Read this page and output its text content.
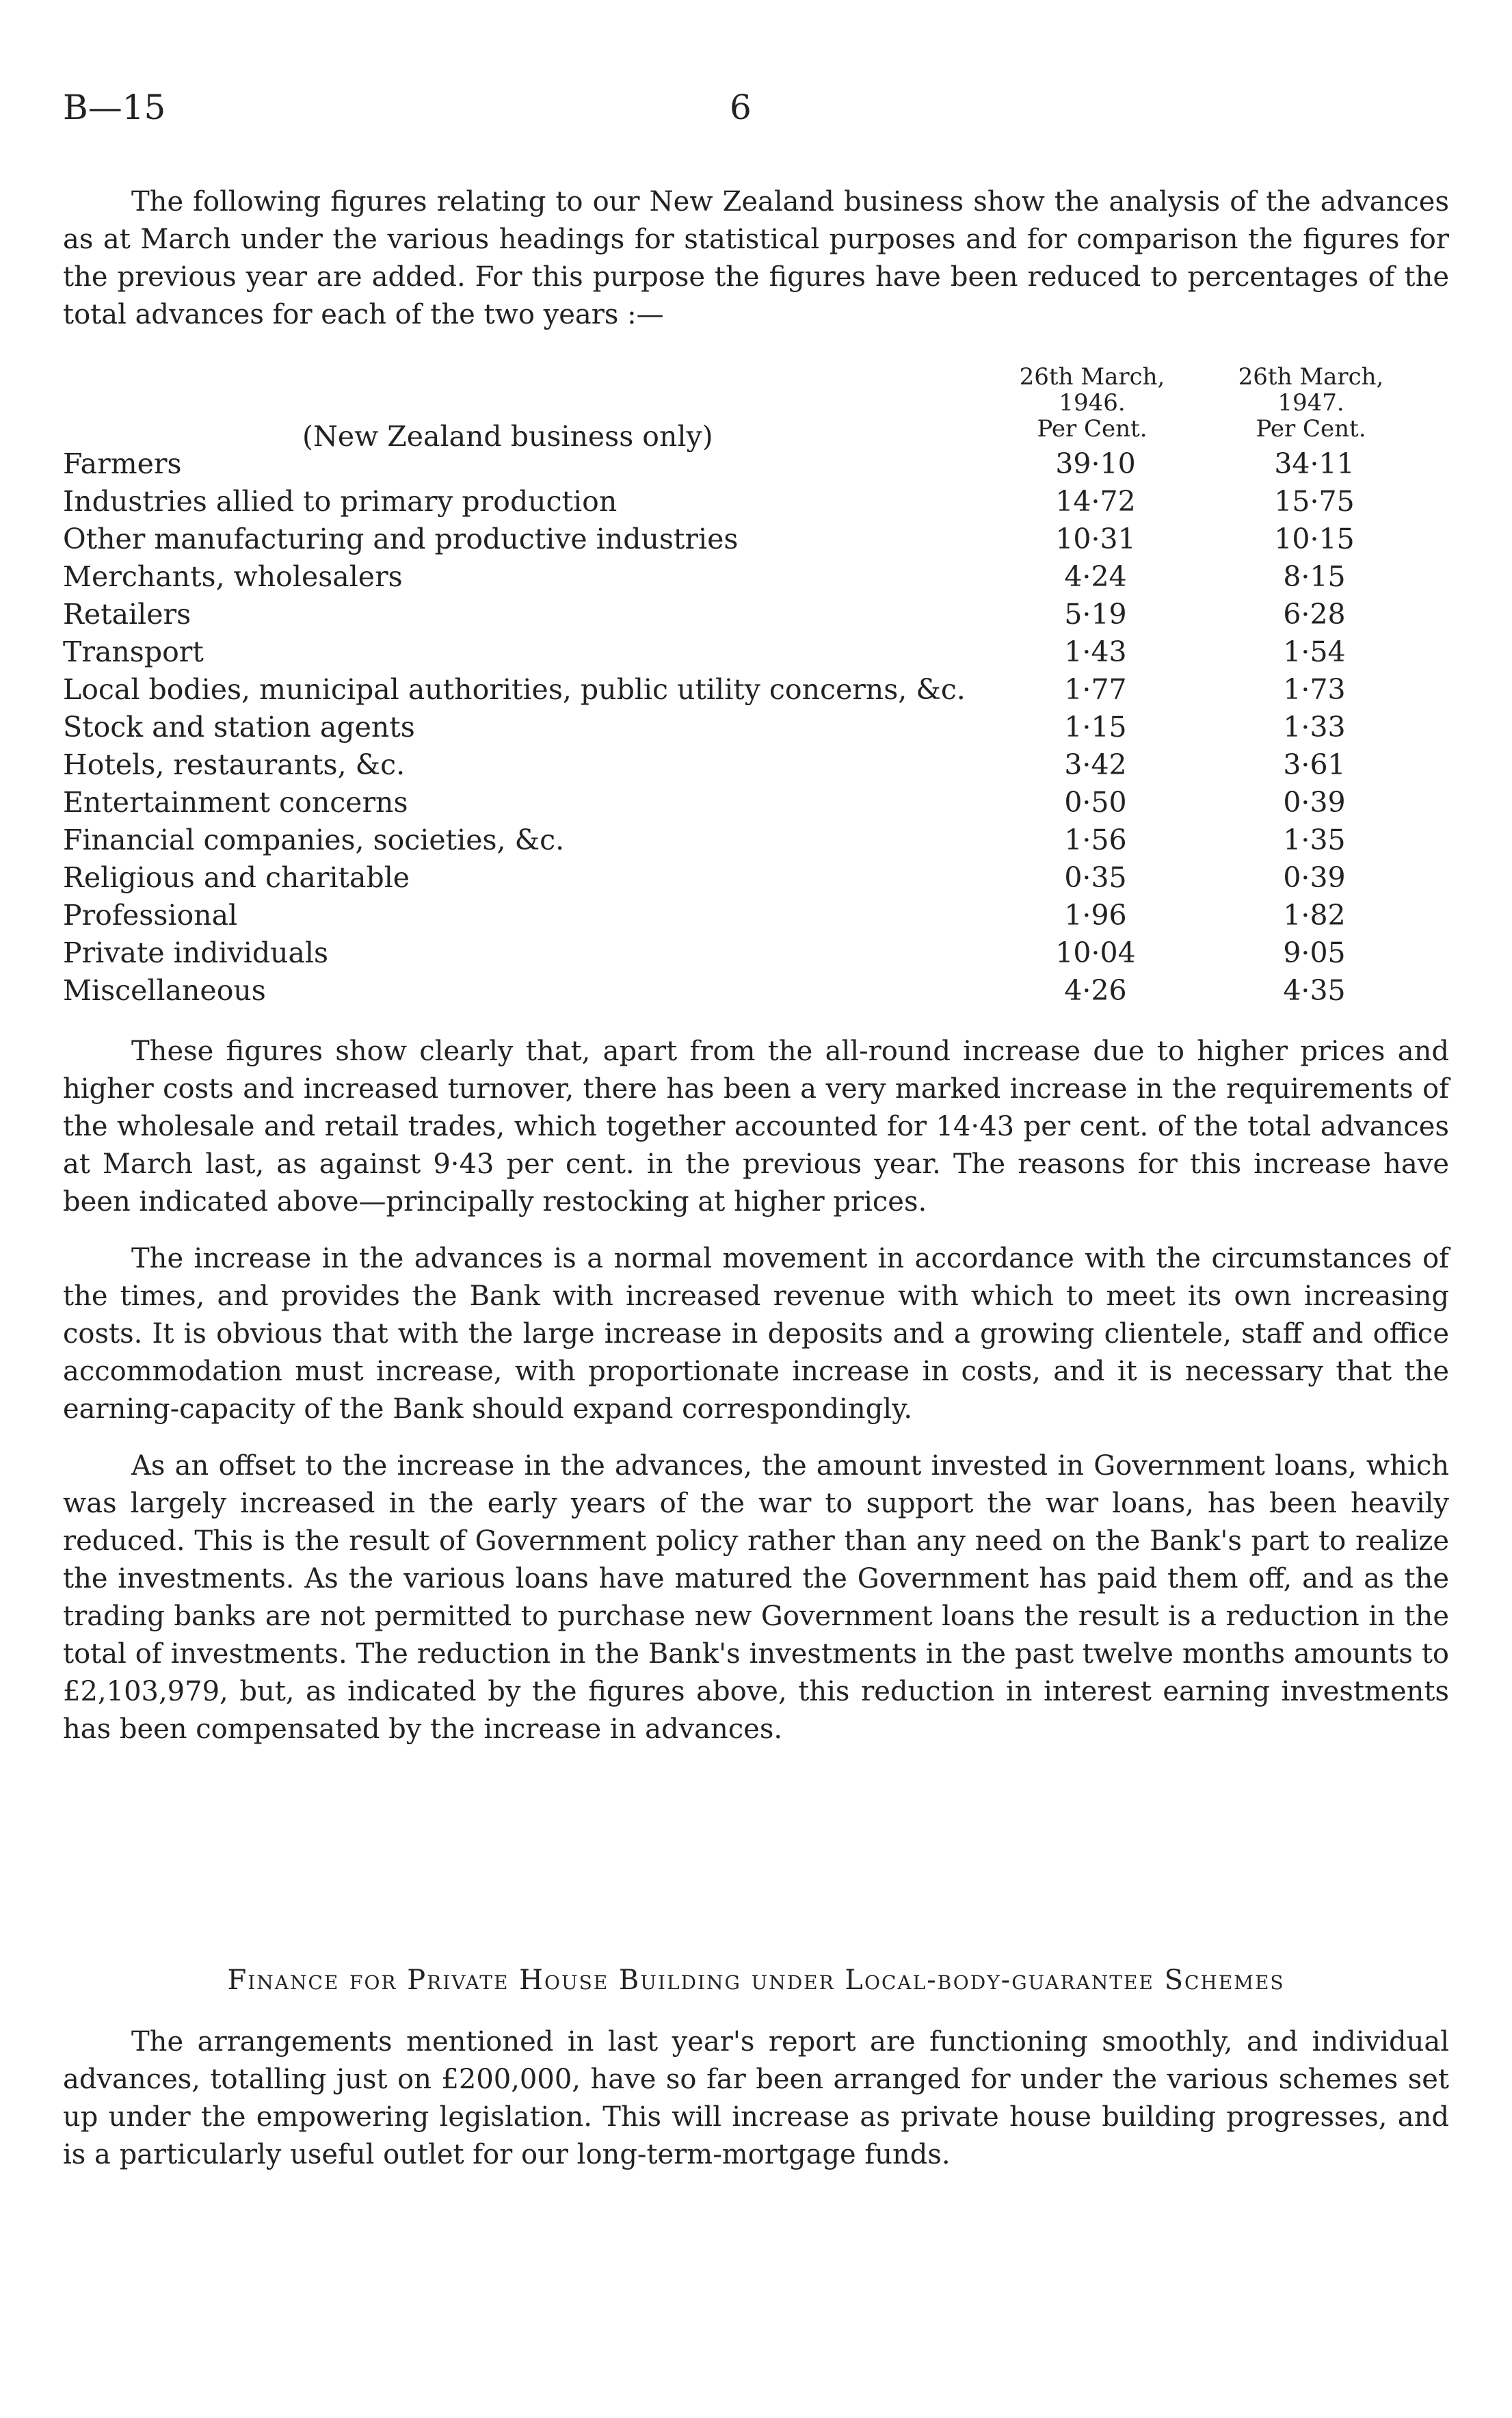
B—15	6

The following figures relating to our New Zealand business show the analysis of the advances as at March under the various headings for statistical purposes and for comparison the figures for the previous year are added. For this purpose the figures have been reduced to percentages of the total advances for each of the two years :—

26th March,
1946.
Per Cent.
26th March,
1947.
Per Cent.
(New Zealand business only)
Farmers	39·10	34·11
Industries allied to primary production	14·72	15·75
Other manufacturing and productive industries	10·31	10·15
Merchants, wholesalers	4·24	8·15
Retailers	5·19	6·28
Transport	1·43	1·54
Local bodies, municipal authorities, public utility concerns, &c.	1·77	1·73
Stock and station agents	1·15	1·33
Hotels, restaurants, &c.	3·42	3·61
Entertainment concerns	0·50	0·39
Financial companies, societies, &c.	1·56	1·35
Religious and charitable	0·35	0·39
Professional	1·96	1·82
Private individuals	10·04	9·05
Miscellaneous	4·26	4·35

These figures show clearly that, apart from the all-round increase due to higher prices and higher costs and increased turnover, there has been a very marked increase in the requirements of the wholesale and retail trades, which together accounted for 14·43 per cent. of the total advances at March last, as against 9·43 per cent. in the previous year. The reasons for this increase have been indicated above—principally restocking at higher prices.

The increase in the advances is a normal movement in accordance with the circumstances of the times, and provides the Bank with increased revenue with which to meet its own increasing costs. It is obvious that with the large increase in deposits and a growing clientele, staff and office accommodation must increase, with proportionate increase in costs, and it is necessary that the earning-capacity of the Bank should expand correspondingly.

As an offset to the increase in the advances, the amount invested in Government loans, which was largely increased in the early years of the war to support the war loans, has been heavily reduced. This is the result of Government policy rather than any need on the Bank's part to realize the investments. As the various loans have matured the Government has paid them off, and as the trading banks are not permitted to purchase new Government loans the result is a reduction in the total of investments. The reduction in the Bank's investments in the past twelve months amounts to £2,103,979, but, as indicated by the figures above, this reduction in interest earning investments has been compensated by the increase in advances.

Finance for Private House Building under Local-body-guarantee Schemes

The arrangements mentioned in last year's report are functioning smoothly, and individual advances, totalling just on £200,000, have so far been arranged for under the various schemes set up under the empowering legislation. This will increase as private house building progresses, and is a particularly useful outlet for our long-term-mortgage funds.
